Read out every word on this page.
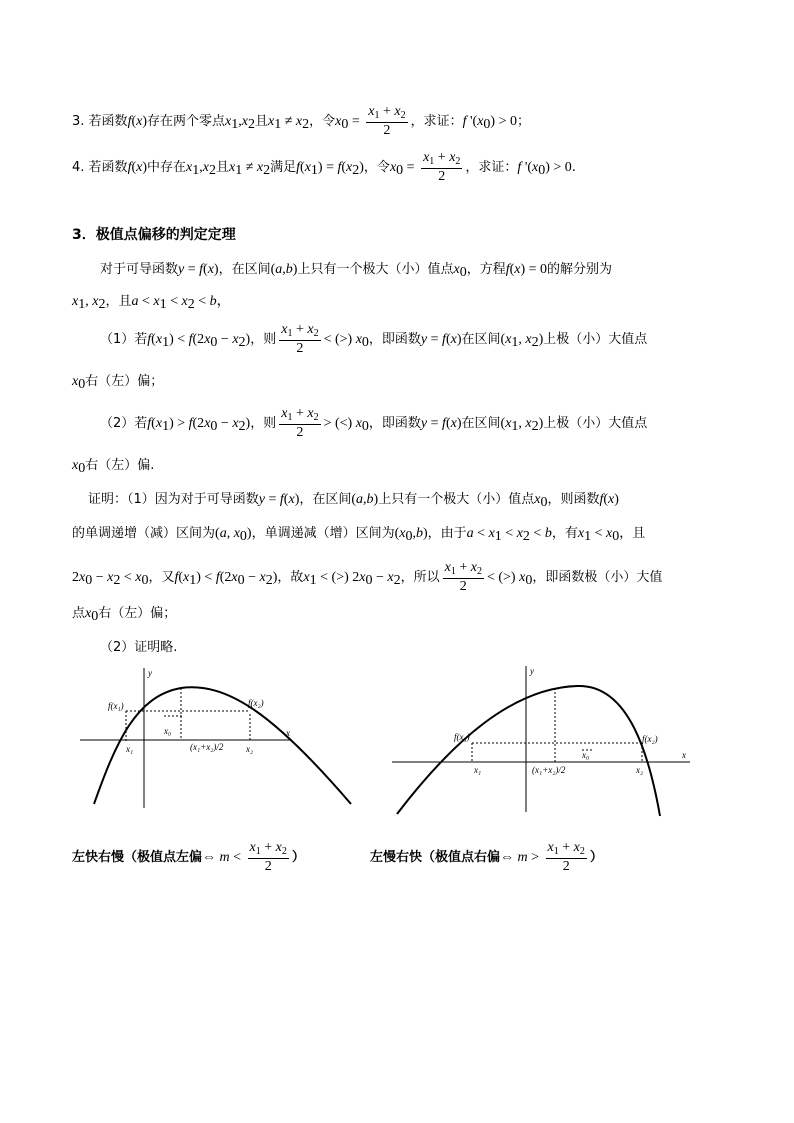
3. 若函数f(x)存在两个零点$x_1,x_2$且$x_1 \ne x_2$，令$x_0 = \frac{x_1 + x_2}{2}$ ，求证：f '$(x_0) > 0$；
4. 若函数f(x)中存在$x_1,x_2$且$x_1 \ne x_2$满足$f(x_1) = f(x_2)$，令$x_0 = \frac{x_1 + x_2}{2}$ ，求证：f '$(x_0) > 0$.
3．极值点偏移的判定定理
对于可导函数y = f(x)，在区间(a,b)上只有一个极大（小）值点$x_0$，方程f(x) = 0的解分别为
$x_1$, $x_2$，且$a < x_1 < x_2 < b$，
（1）若$f(x_1) < f(2x_0 - x_2)$，则 $\frac{x_1 + x_2}{2}$ < (>) $x_0$，即函数y = f(x)在区间($x_1$, $x_2$)上极（小）大值点
$x_0$右（左）偏；
（2）若$f(x_1) > f(2x_0 - x_2)$，则 $\frac{x_1 + x_2}{2}$ > (<) $x_0$，即函数y = f(x)在区间($x_1$, $x_2$)上极（小）大值点
$x_0$右（左）偏.
证明：（1）因为对于可导函数y = f(x)，在区间(a,b)上只有一个极大（小）值点$x_0$，则函数f(x)
的单调递增（减）区间为(a, $x_0$)，单调递减（增）区间为$(x_0,b)$，由于$a < x_1 < x_2 < b$，有$x_1 < x_0$，且
$2x_0 - x_2 < x_0$，又$f(x_1) < f(2x_0 - x_2)$，故$x_1$ < (>) $2x_0 - x_2$，所以 $\frac{x_1 + x_2}{2}$ < (>) $x_0$，即函数极（小）大值
点$x_0$右（左）偏；
（2）证明略.
y
x
f(x₁)	f(x₂)
x₁
x₀
(x₁+x₂)/2	x₂
y
x
f(x₁)	f(x₂)
x₁
x₀
(x₁+x₂)/2	x₂
左快右慢（极值点左偏⇔ $m < \frac{x_1 + x_2}{2}$ ）	左慢右快（极值点右偏⇔ $m > \frac{x_1 + x_2}{2}$ ）
